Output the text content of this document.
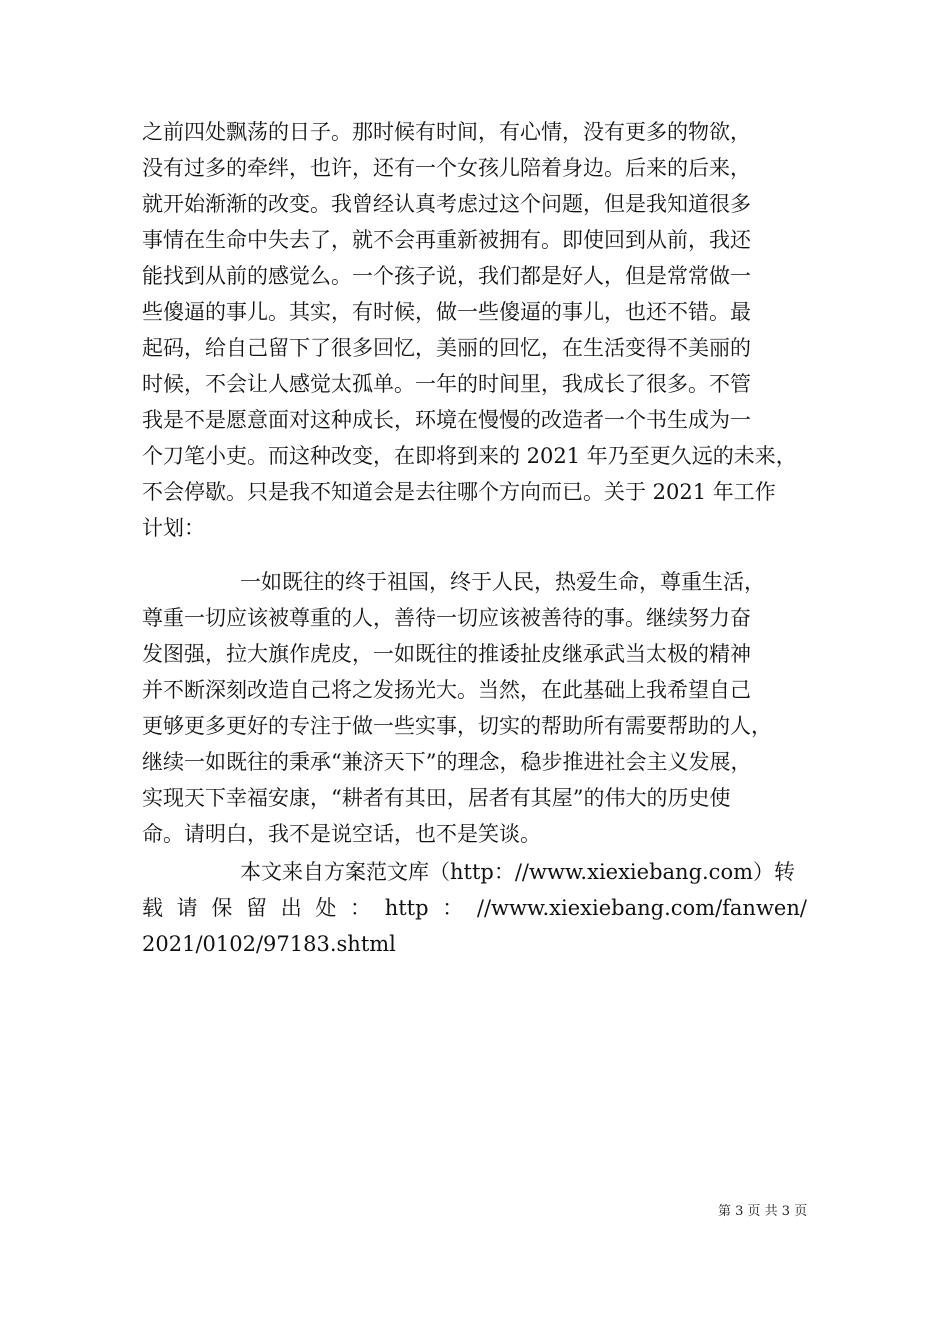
之前四处飘荡的日子。那时候有时间，有心情，没有更多的物欲，
没有过多的牵绊，也许，还有一个女孩儿陪着身边。后来的后来，
就开始渐渐的改变。我曾经认真考虑过这个问题，但是我知道很多
事情在生命中失去了，就不会再重新被拥有。即使回到从前，我还
能找到从前的感觉么。一个孩子说，我们都是好人，但是常常做一
些傻逼的事儿。其实，有时候，做一些傻逼的事儿，也还不错。最
起码，给自己留下了很多回忆，美丽的回忆，在生活变得不美丽的
时候，不会让人感觉太孤单。一年的时间里，我成长了很多。不管
我是不是愿意面对这种成长，环境在慢慢的改造者一个书生成为一
个刀笔小吏。而这种改变，在即将到来的 2021 年乃至更久远的未来，
不会停歇。只是我不知道会是去往哪个方向而已。关于 2021 年工作
计划：
一如既往的终于祖国，终于人民，热爱生命，尊重生活，
尊重一切应该被尊重的人，善待一切应该被善待的事。继续努力奋
发图强，拉大旗作虎皮，一如既往的推诿扯皮继承武当太极的精神
并不断深刻改造自己将之发扬光大。当然，在此基础上我希望自己
更够更多更好的专注于做一些实事，切实的帮助所有需要帮助的人，
继续一如既往的秉承“兼济天下”的理念，稳步推进社会主义发展，
实现天下幸福安康，“耕者有其田，居者有其屋”的伟大的历史使
命。请明白，我不是说空话，也不是笑谈。
本文来自方案范文库（http：//www.xiexiebang.com）转
载 请 保 留 出 处 ： http ： //www.xiexiebang.com/fanwen/
2021/0102/97183.shtml
第 3 页 共 3 页
